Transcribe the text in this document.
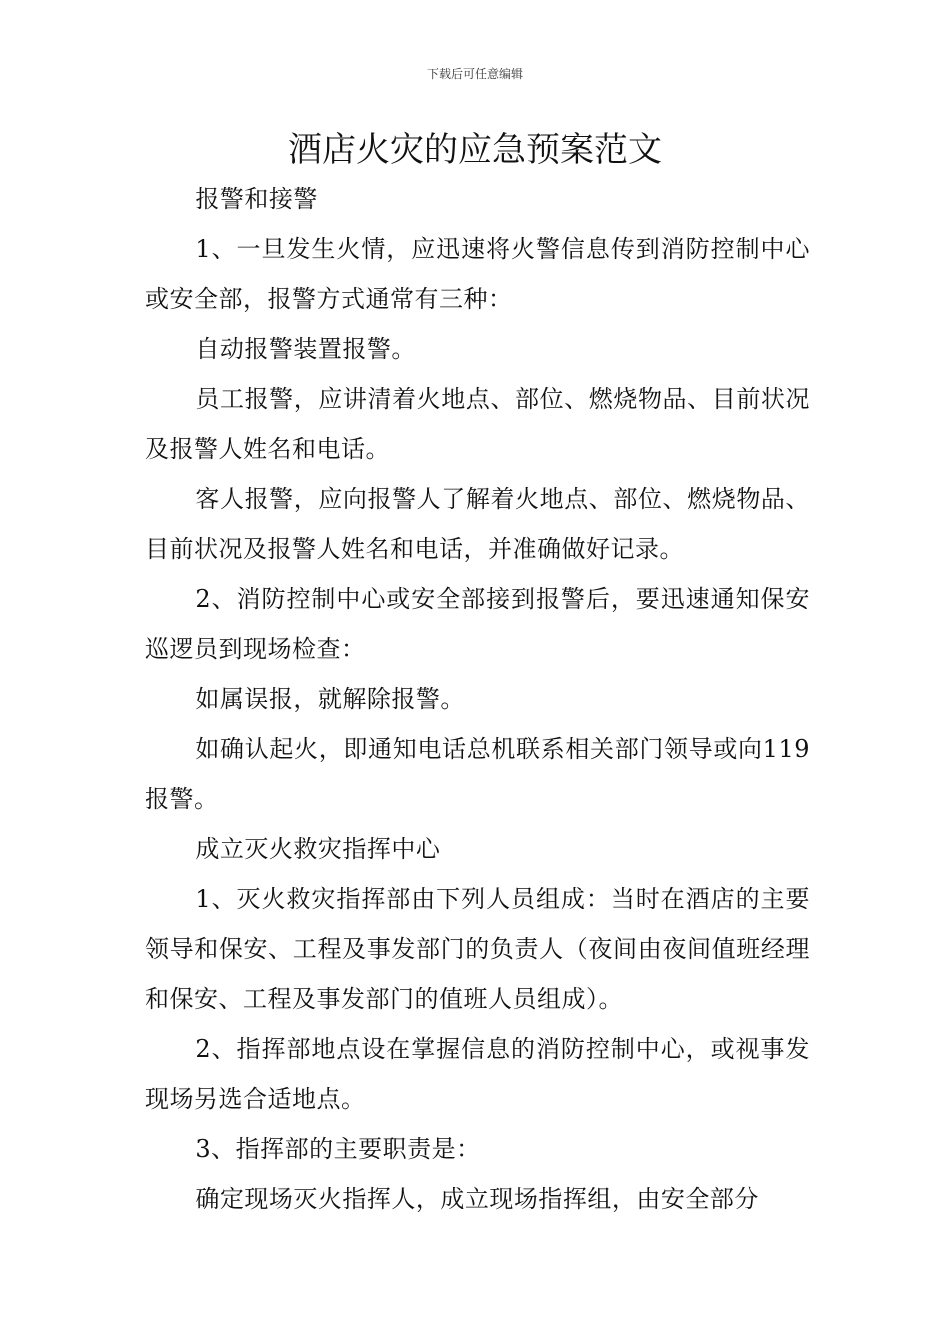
下载后可任意编辑
酒店火灾的应急预案范文

报警和接警

1、一旦发生火情，应迅速将火警信息传到消防控制中心或安全部，报警方式通常有三种：

自动报警装置报警。

员工报警，应讲清着火地点、部位、燃烧物品、目前状况及报警人姓名和电话。

客人报警，应向报警人了解着火地点、部位、燃烧物品、 目前状况及报警人姓名和电话，并准确做好记录。

2、消防控制中心或安全部接到报警后，要迅速通知保安巡逻员到现场检查：

如属误报，就解除报警。

如确认起火，即通知电话总机联系相关部门领导或向119报警。

成立灭火救灾指挥中心

1、灭火救灾指挥部由下列人员组成：当时在酒店的主要领导和保安、工程及事发部门的负责人（夜间由夜间值班经理和保安、工程及事发部门的值班人员组成）。

2、指挥部地点设在掌握信息的消防控制中心，或视事发现场另选合适地点。

3、指挥部的主要职责是：

确定现场灭火指挥人，成立现场指挥组，由安全部分
